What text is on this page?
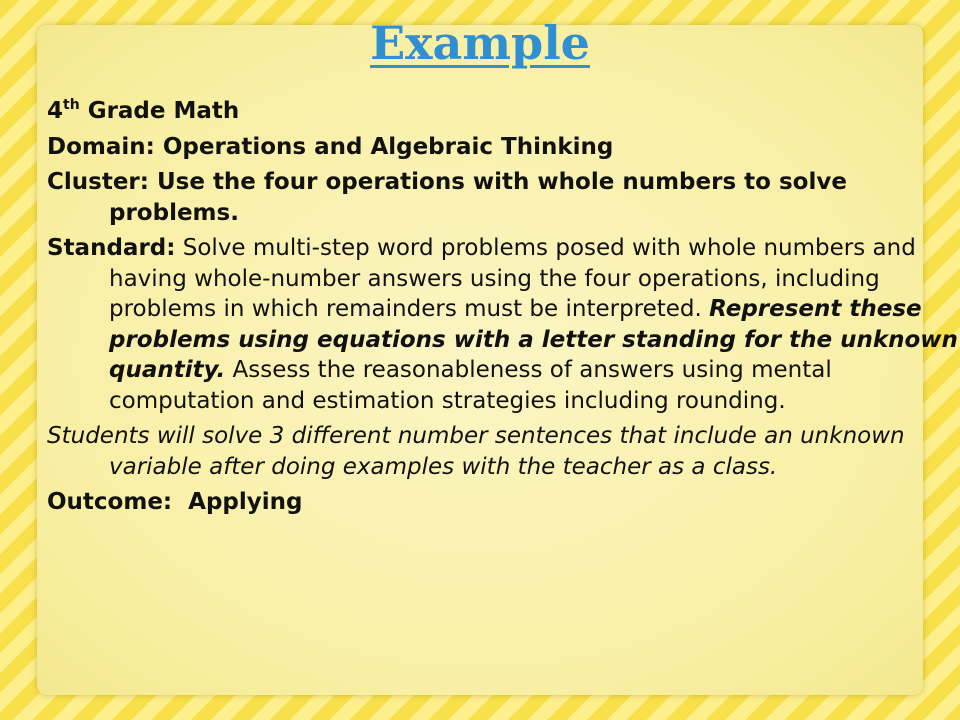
Example

4th Grade Math

Domain: Operations and Algebraic Thinking

Cluster: Use the four operations with whole numbers to solve problems.

Standard: Solve multi-step word problems posed with whole numbers and having whole-number answers using the four operations, including problems in which remainders must be interpreted. Represent these problems using equations with a letter standing for the unknown quantity. Assess the reasonableness of answers using mental computation and estimation strategies including rounding.

Students will solve 3 different number sentences that include an unknown variable after doing examples with the teacher as a class.

Outcome: Applying
